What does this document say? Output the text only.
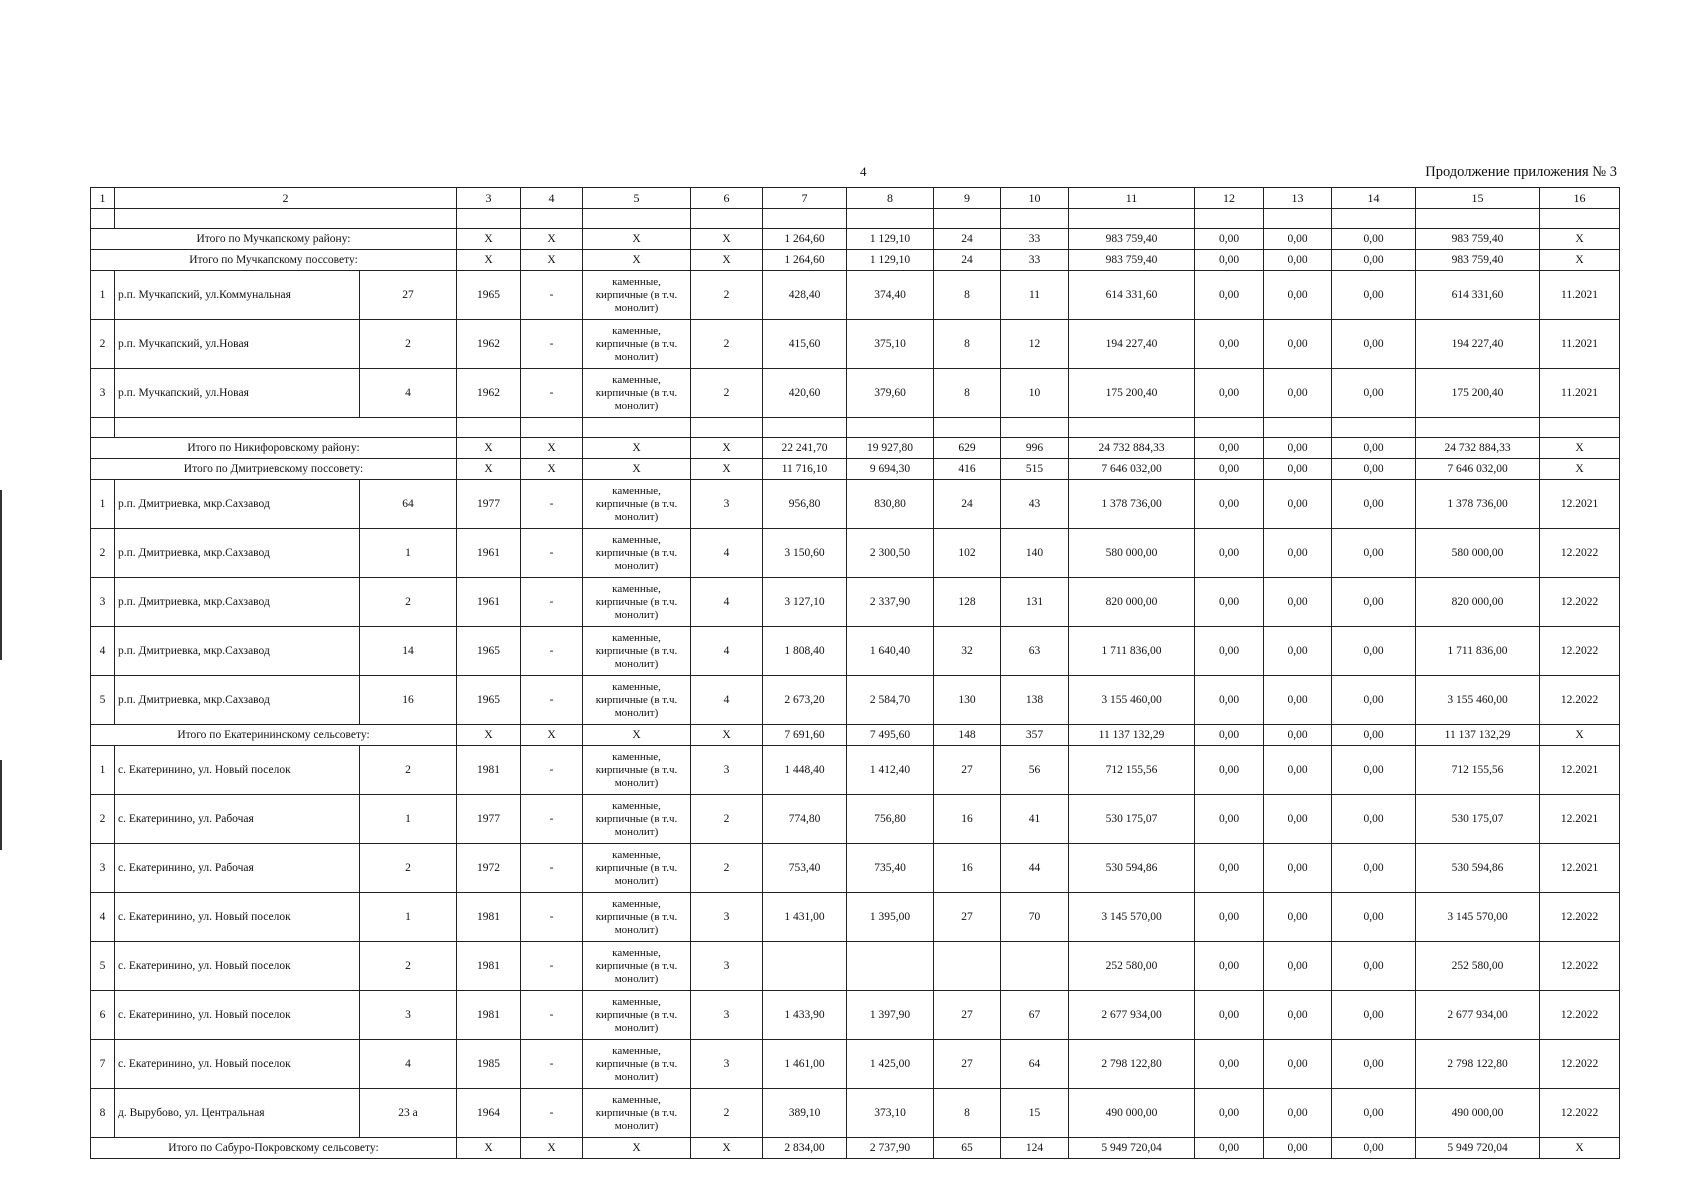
4	Продолжение приложения № 3
1	2		3	4	5	6	7	8	9	10	11	12	13	14	15	16

Итого по Мучкапскому району:			X	X	X	X	1 264,60	1 129,10	24	33	983 759,40	0,00	0,00	0,00	983 759,40	X
Итого по Мучкапскому поссовету:			X	X	X	X	1 264,60	1 129,10	24	33	983 759,40	0,00	0,00	0,00	983 759,40	X
1	р.п. Мучкапский, ул.Коммунальная	27	1965	-	каменные, кирпичные (в т.ч. монолит)	2	428,40	374,40	8	11	614 331,60	0,00	0,00	0,00	614 331,60	11.2021
2	р.п. Мучкапский, ул.Новая	2	1962	-	каменные, кирпичные (в т.ч. монолит)	2	415,60	375,10	8	12	194 227,40	0,00	0,00	0,00	194 227,40	11.2021
3	р.п. Мучкапский, ул.Новая	4	1962	-	каменные, кирпичные (в т.ч. монолит)	2	420,60	379,60	8	10	175 200,40	0,00	0,00	0,00	175 200,40	11.2021

Итого по Никифоровскому району:			X	X	X	X	22 241,70	19 927,80	629	996	24 732 884,33	0,00	0,00	0,00	24 732 884,33	X
Итого по Дмитриевскому поссовету:			X	X	X	X	11 716,10	9 694,30	416	515	7 646 032,00	0,00	0,00	0,00	7 646 032,00	X
1	р.п. Дмитриевка, мкр.Сахзавод	64	1977	-	каменные, кирпичные (в т.ч. монолит)	3	956,80	830,80	24	43	1 378 736,00	0,00	0,00	0,00	1 378 736,00	12.2021
2	р.п. Дмитриевка, мкр.Сахзавод	1	1961	-	каменные, кирпичные (в т.ч. монолит)	4	3 150,60	2 300,50	102	140	580 000,00	0,00	0,00	0,00	580 000,00	12.2022
3	р.п. Дмитриевка, мкр.Сахзавод	2	1961	-	каменные, кирпичные (в т.ч. монолит)	4	3 127,10	2 337,90	128	131	820 000,00	0,00	0,00	0,00	820 000,00	12.2022
4	р.п. Дмитриевка, мкр.Сахзавод	14	1965	-	каменные, кирпичные (в т.ч. монолит)	4	1 808,40	1 640,40	32	63	1 711 836,00	0,00	0,00	0,00	1 711 836,00	12.2022
5	р.п. Дмитриевка, мкр.Сахзавод	16	1965	-	каменные, кирпичные (в т.ч. монолит)	4	2 673,20	2 584,70	130	138	3 155 460,00	0,00	0,00	0,00	3 155 460,00	12.2022
Итого по Екатерининскому сельсовету:			X	X	X	X	7 691,60	7 495,60	148	357	11 137 132,29	0,00	0,00	0,00	11 137 132,29	X
1	с. Екатеринино, ул. Новый поселок	2	1981	-	каменные, кирпичные (в т.ч. монолит)	3	1 448,40	1 412,40	27	56	712 155,56	0,00	0,00	0,00	712 155,56	12.2021
2	с. Екатеринино, ул. Рабочая	1	1977	-	каменные, кирпичные (в т.ч. монолит)	2	774,80	756,80	16	41	530 175,07	0,00	0,00	0,00	530 175,07	12.2021
3	с. Екатеринино, ул. Рабочая	2	1972	-	каменные, кирпичные (в т.ч. монолит)	2	753,40	735,40	16	44	530 594,86	0,00	0,00	0,00	530 594,86	12.2021
4	с. Екатеринино, ул. Новый поселок	1	1981	-	каменные, кирпичные (в т.ч. монолит)	3	1 431,00	1 395,00	27	70	3 145 570,00	0,00	0,00	0,00	3 145 570,00	12.2022
5	с. Екатеринино, ул. Новый поселок	2	1981	-	каменные, кирпичные (в т.ч. монолит)	3					252 580,00	0,00	0,00	0,00	252 580,00	12.2022
6	с. Екатеринино, ул. Новый поселок	3	1981	-	каменные, кирпичные (в т.ч. монолит)	3	1 433,90	1 397,90	27	67	2 677 934,00	0,00	0,00	0,00	2 677 934,00	12.2022
7	с. Екатеринино, ул. Новый поселок	4	1985	-	каменные, кирпичные (в т.ч. монолит)	3	1 461,00	1 425,00	27	64	2 798 122,80	0,00	0,00	0,00	2 798 122,80	12.2022
8	д. Вырубово, ул. Центральная	23 а	1964	-	каменные, кирпичные (в т.ч. монолит)	2	389,10	373,10	8	15	490 000,00	0,00	0,00	0,00	490 000,00	12.2022
Итого по Сабуро-Покровскому сельсовету:			X	X	X	X	2 834,00	2 737,90	65	124	5 949 720,04	0,00	0,00	0,00	5 949 720,04	X
